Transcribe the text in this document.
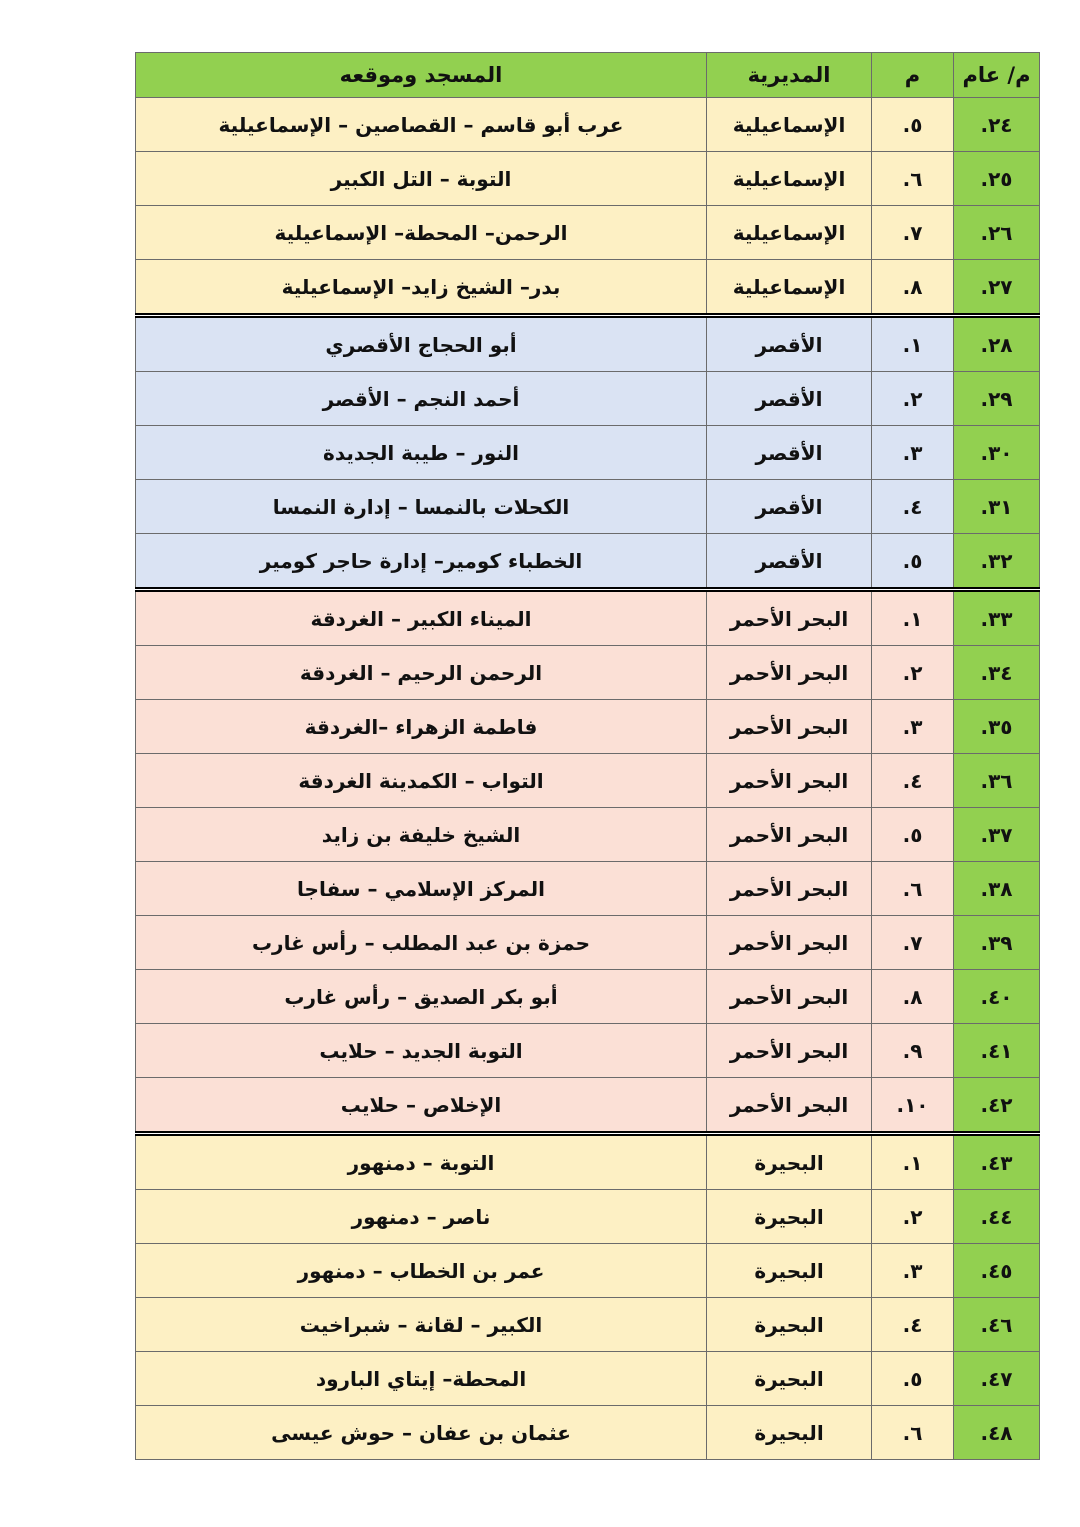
م/ عام	م	المديرية	المسجد وموقعه
٢٤.	٥.	الإسماعيلية	عرب أبو قاسم – القصاصين – الإسماعيلية
٢٥.	٦.	الإسماعيلية	التوبة – التل الكبير
٢٦.	٧.	الإسماعيلية	الرحمن– المحطة– الإسماعيلية
٢٧.	٨.	الإسماعيلية	بدر– الشيخ زايد– الإسماعيلية
٢٨.	١.	الأقصر	أبو الحجاج الأقصري
٢٩.	٢.	الأقصر	أحمد النجم – الأقصر
٣٠.	٣.	الأقصر	النور – طيبة الجديدة
٣١.	٤.	الأقصر	الكحلات بالنمسا – إدارة النمسا
٣٢.	٥.	الأقصر	الخطباء كومير– إدارة حاجر كومير
٣٣.	١.	البحر الأحمر	الميناء الكبير – الغردقة
٣٤.	٢.	البحر الأحمر	الرحمن الرحيم – الغردقة
٣٥.	٣.	البحر الأحمر	فاطمة الزهراء –الغردقة
٣٦.	٤.	البحر الأحمر	التواب – الكمدينة الغردقة
٣٧.	٥.	البحر الأحمر	الشيخ خليفة بن زايد
٣٨.	٦.	البحر الأحمر	المركز الإسلامي – سفاجا
٣٩.	٧.	البحر الأحمر	حمزة بن عبد المطلب – رأس غارب
٤٠.	٨.	البحر الأحمر	أبو بكر الصديق – رأس غارب
٤١.	٩.	البحر الأحمر	التوبة الجديد – حلايب
٤٢.	١٠.	البحر الأحمر	الإخلاص – حلايب
٤٣.	١.	البحيرة	التوبة – دمنهور
٤٤.	٢.	البحيرة	ناصر – دمنهور
٤٥.	٣.	البحيرة	عمر بن الخطاب – دمنهور
٤٦.	٤.	البحيرة	الكبير – لقانة – شبراخيت
٤٧.	٥.	البحيرة	المحطة– إيتاي البارود
٤٨.	٦.	البحيرة	عثمان بن عفان – حوش عيسى
